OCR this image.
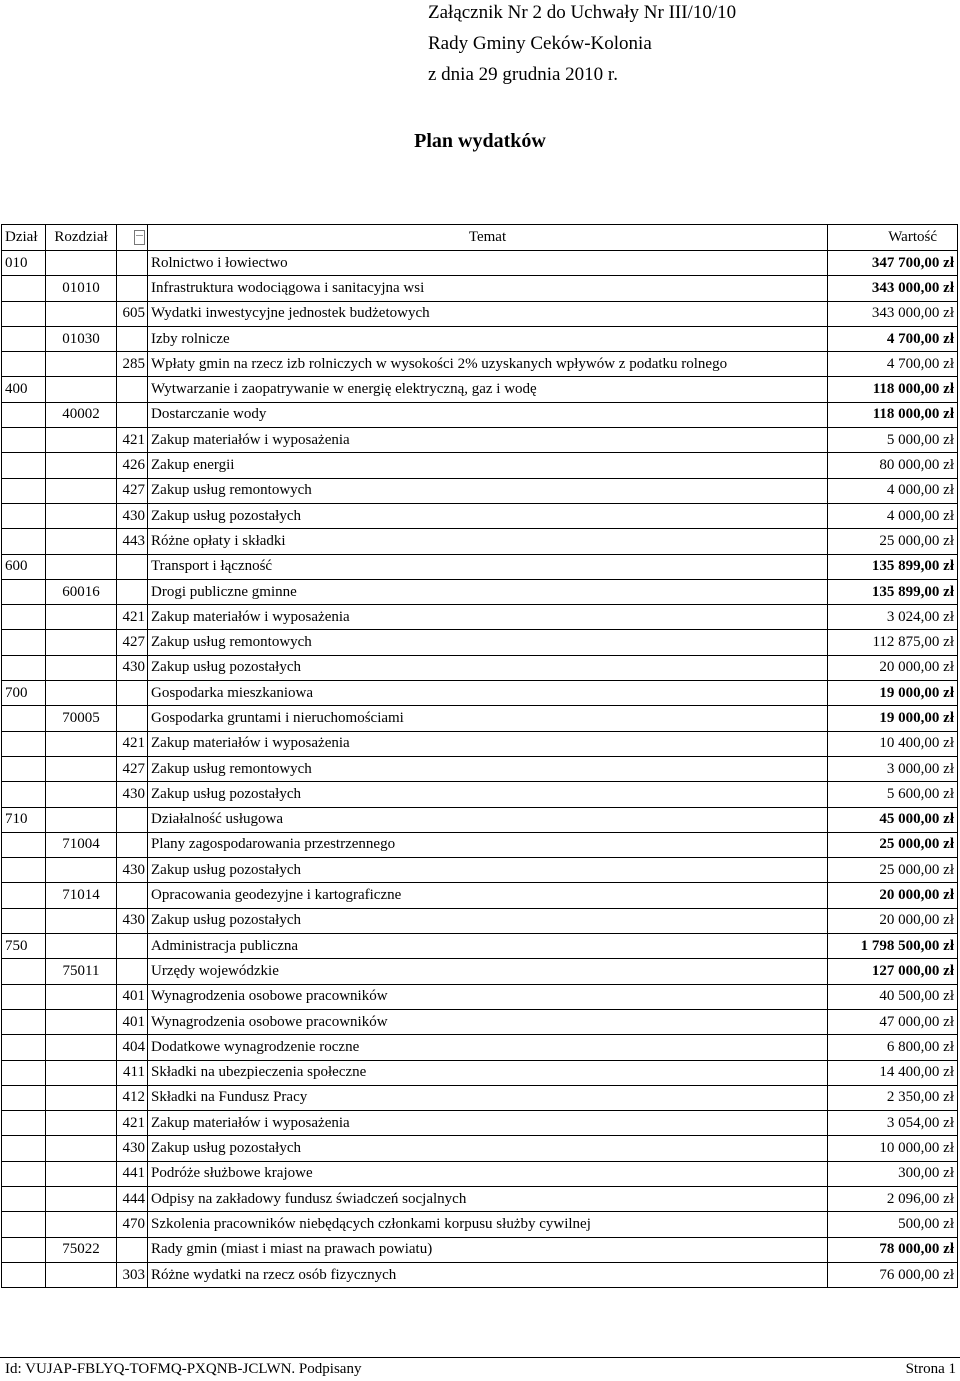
Załącznik Nr 2 do Uchwały Nr III/10/10
Rady Gminy Ceków-Kolonia
z dnia 29 grudnia 2010 r.
Plan wydatków
Dział	Rozdział		Temat	Wartość
010			Rolnictwo i łowiectwo	347 700,00 zł
	01010		Infrastruktura wodociągowa i sanitacyjna wsi	343 000,00 zł
		605	Wydatki inwestycyjne jednostek budżetowych	343 000,00 zł
	01030		Izby rolnicze	4 700,00 zł
		285	Wpłaty gmin na rzecz izb rolniczych w wysokości 2% uzyskanych wpływów z podatku rolnego	4 700,00 zł
400			Wytwarzanie i zaopatrywanie w energię elektryczną, gaz i wodę	118 000,00 zł
	40002		Dostarczanie wody	118 000,00 zł
		421	Zakup materiałów i wyposażenia	5 000,00 zł
		426	Zakup energii	80 000,00 zł
		427	Zakup usług remontowych	4 000,00 zł
		430	Zakup usług pozostałych	4 000,00 zł
		443	Różne opłaty i składki	25 000,00 zł
600			Transport i łączność	135 899,00 zł
	60016		Drogi publiczne gminne	135 899,00 zł
		421	Zakup materiałów i wyposażenia	3 024,00 zł
		427	Zakup usług remontowych	112 875,00 zł
		430	Zakup usług pozostałych	20 000,00 zł
700			Gospodarka mieszkaniowa	19 000,00 zł
	70005		Gospodarka gruntami i nieruchomościami	19 000,00 zł
		421	Zakup materiałów i wyposażenia	10 400,00 zł
		427	Zakup usług remontowych	3 000,00 zł
		430	Zakup usług pozostałych	5 600,00 zł
710			Działalność usługowa	45 000,00 zł
	71004		Plany zagospodarowania przestrzennego	25 000,00 zł
		430	Zakup usług pozostałych	25 000,00 zł
	71014		Opracowania geodezyjne i kartograficzne	20 000,00 zł
		430	Zakup usług pozostałych	20 000,00 zł
750			Administracja publiczna	1 798 500,00 zł
	75011		Urzędy wojewódzkie	127 000,00 zł
		401	Wynagrodzenia osobowe pracowników	40 500,00 zł
		401	Wynagrodzenia osobowe pracowników	47 000,00 zł
		404	Dodatkowe wynagrodzenie roczne	6 800,00 zł
		411	Składki na ubezpieczenia społeczne	14 400,00 zł
		412	Składki na Fundusz Pracy	2 350,00 zł
		421	Zakup materiałów i wyposażenia	3 054,00 zł
		430	Zakup usług pozostałych	10 000,00 zł
		441	Podróże służbowe krajowe	300,00 zł
		444	Odpisy na zakładowy fundusz świadczeń socjalnych	2 096,00 zł
		470	Szkolenia pracowników niebędących członkami korpusu służby cywilnej	500,00 zł
	75022		Rady gmin (miast i miast na prawach powiatu)	78 000,00 zł
		303	Różne wydatki na rzecz osób fizycznych	76 000,00 zł
Id: VUJAP-FBLYQ-TOFMQ-PXQNB-JCLWN. Podpisany	Strona 1
